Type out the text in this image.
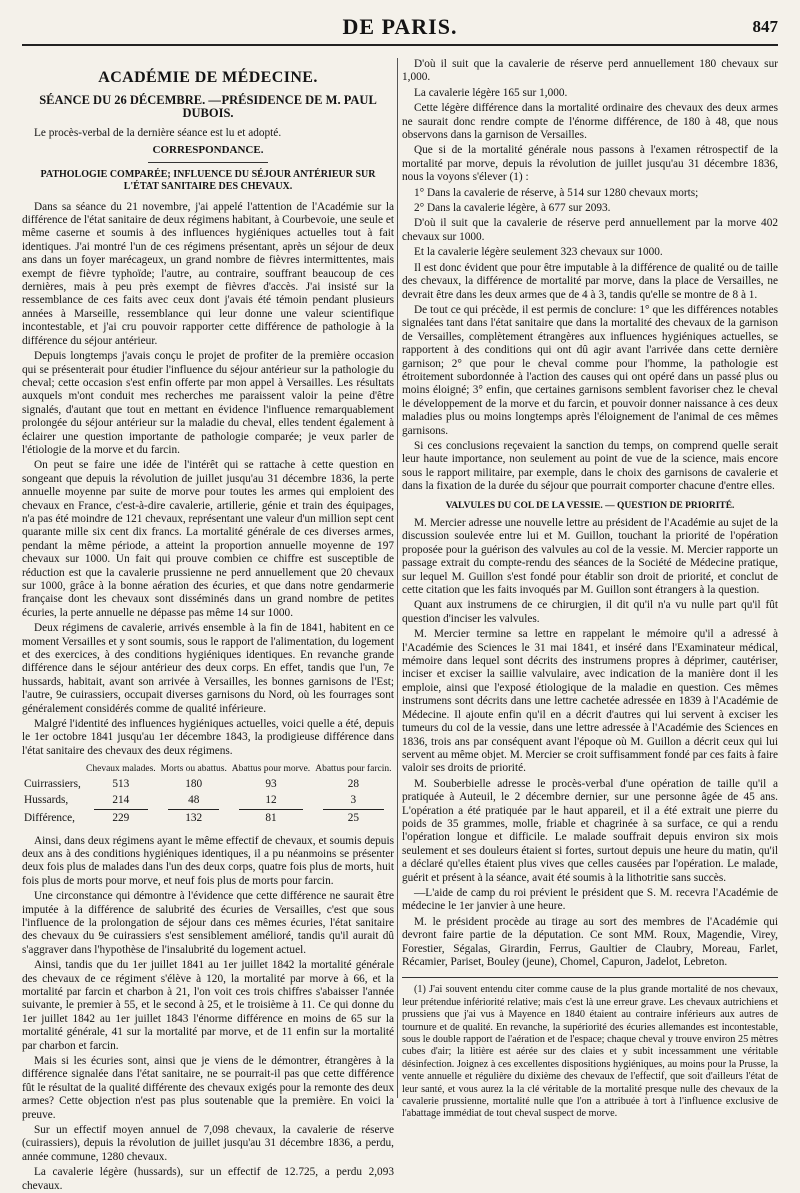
DE PARIS.	847
ACADÉMIE DE MÉDECINE.
SÉANCE DU 26 DÉCEMBRE. — PRÉSIDENCE DE M. PAUL DUBOIS.

Le procès-verbal de la dernière séance est lu et adopté.

CORRESPONDANCE.
PATHOLOGIE COMPARÉE; INFLUENCE DU SÉJOUR ANTÉRIEUR SUR L'ÉTAT SANITAIRE DES CHEVAUX.

Dans sa séance du 21 novembre, j'ai appelé l'attention de l'Académie sur la différence de l'état sanitaire de deux régimens habitant, à Courbevoie, une seule et même caserne et soumis à des influences hygiéniques actuelles tout à fait identiques. J'ai montré l'un de ces régimens présentant, après un séjour de deux ans dans un foyer marécageux, un grand nombre de fièvres intermittentes, mais exempt de fièvre typhoïde; l'autre, au contraire, souffrant beaucoup de ces dernières, mais à peu près exempt de fièvres d'accès. J'ai insisté sur la ressemblance de ces faits avec ceux dont j'avais été témoin pendant plusieurs années à Marseille, ressemblance qui leur donne une valeur scientifique incontestable, et j'ai cru pouvoir rapporter cette différence de pathologie à la différence du séjour antérieur.

Depuis longtemps j'avais conçu le projet de profiter de la première occasion qui se présenterait pour étudier l'influence du séjour antérieur sur la pathologie du cheval; cette occasion s'est enfin offerte par mon appel à Versailles. Les résultats auxquels m'ont conduit mes recherches me paraissent valoir la peine d'être signalés, d'autant que tout en mettant en évidence l'influence remarquablement prolongée du séjour antérieur sur la maladie du cheval, elles tendent également à éclairer une question importante de pathologie comparée; je veux parler de l'étiologie de la morve et du farcin.

On peut se faire une idée de l'intérêt qui se rattache à cette question en songeant que depuis la révolution de juillet jusqu'au 31 décembre 1836, la perte annuelle moyenne par suite de morve pour toutes les armes qui emploient des chevaux en France, c'est-à-dire cavalerie, artillerie, génie et train des équipages, n'a pas été moindre de 121 chevaux, représentant une valeur d'un million sept cent quarante mille six cent dix francs. La mortalité générale de ces diverses armes, pendant la même période, a atteint la proportion annuelle moyenne de 197 chevaux sur 1000. Un fait qui prouve combien ce chiffre est susceptible de réduction est que la cavalerie prussienne ne perd annuellement que 20 chevaux sur 1000, grâce à la bonne aération des écuries, et que dans notre gendarmerie française dont les chevaux sont disséminés dans un grand nombre de petites écuries, la perte annuelle ne dépasse pas même 14 sur 1000.

Deux régimens de cavalerie, arrivés ensemble à la fin de 1841, habitent en ce moment Versailles et y sont soumis, sous le rapport de l'alimentation, du logement et des exercices, à des conditions hygiéniques identiques. En revanche grande différence dans le séjour antérieur des deux corps. En effet, tandis que l'un, 7e hussards, habitait, avant son arrivée à Versailles, les bonnes garnisons de l'Est; l'autre, 9e cuirassiers, occupait diverses garnisons du Nord, où les fourrages sont généralement considérés comme de qualité inférieure.

Malgré l'identité des influences hygiéniques actuelles, voici quelle a été, depuis le 1er octobre 1841 jusqu'au 1er décembre 1843, la prodigieuse différence dans l'état sanitaire des chevaux des deux régimens.

	Chevaux malades.	Morts ou abattus.	Abattus pour morve.	Abattus pour farcin.
Cuirrassiers,	513	180	93	28
Hussards,	214	48	12	3

Différence,	229	132	81	25

Ainsi, dans deux régimens ayant le même effectif de chevaux, et soumis depuis deux ans à des conditions hygiéniques identiques, il a pu néanmoins se présenter deux fois plus de malades dans l'un des deux corps, quatre fois plus de morts, huit fois plus de morts pour morve, et neuf fois plus de morts pour farcin.

Une circonstance qui démontre à l'évidence que cette différence ne saurait être imputée à la différence de salubrité des écuries de Versailles, c'est que sous l'influence de la prolongation de séjour dans ces mêmes écuries, l'état sanitaire des chevaux du 9e cuirassiers s'est sensiblement amélioré, tandis qu'il aurait dû s'aggraver dans l'hypothèse de l'insalubrité du logement actuel.

Ainsi, tandis que du 1er juillet 1841 au 1er juillet 1842 la mortalité générale des chevaux de ce régiment s'élève à 120, la mortalité par morve à 66, et la mortalité par farcin et charbon à 21, l'on voit ces trois chiffres s'abaisser l'année suivante, le premier à 55, et le second à 25, et le troisième à 11. Ce qui donne du 1er juillet 1842 au 1er juillet 1843 l'énorme différence en moins de 65 sur la mortalité générale, 41 sur la mortalité par morve, et de 11 enfin sur la mortalité par charbon et farcin.

Mais si les écuries sont, ainsi que je viens de le démontrer, étrangères à la différence signalée dans l'état sanitaire, ne se pourrait-il pas que cette différence fût le résultat de la qualité différente des chevaux exigés pour la remonte des deux armes? Cette objection n'est pas plus soutenable que la première. En voici la preuve.

Sur un effectif moyen annuel de 7,098 chevaux, la cavalerie de réserve (cuirassiers), depuis la révolution de juillet jusqu'au 31 décembre 1836, a perdu, année commune, 1280 chevaux.

La cavalerie légère (hussards), sur un effectif de 12.725, a perdu 2,093 chevaux.

D'où il suit que la cavalerie de réserve perd annuellement 180 chevaux sur 1,000.

La cavalerie légère 165 sur 1,000.

Cette légère différence dans la mortalité ordinaire des chevaux des deux armes ne saurait donc rendre compte de l'énorme différence, de 180 à 48, que nous observons dans la garnison de Versailles.

Que si de la mortalité générale nous passons à l'examen rétrospectif de la mortalité par morve, depuis la révolution de juillet jusqu'au 31 décembre 1836, nous la voyons s'élever (1) :

1° Dans la cavalerie de réserve, à 514 sur 1280 chevaux morts;

2° Dans la cavalerie légère, à 677 sur 2093.

D'où il suit que la cavalerie de réserve perd annuellement par la morve 402 chevaux sur 1000.

Et la cavalerie légère seulement 323 chevaux sur 1000.

Il est donc évident que pour être imputable à la différence de qualité ou de taille des chevaux, la différence de mortalité par morve, dans la place de Versailles, ne devrait être dans les deux armes que de 4 à 3, tandis qu'elle se montre de 8 à 1.

De tout ce qui précède, il est permis de conclure: 1° que les différences notables signalées tant dans l'état sanitaire que dans la mortalité des chevaux de la garnison de Versailles, complètement étrangères aux influences hygiéniques actuelles, se rapportent à des conditions qui ont dû agir avant l'arrivée dans cette dernière garnison; 2° que pour le cheval comme pour l'homme, la pathologie est étroitement subordonnée à l'action des causes qui ont opéré dans un passé plus ou moins éloigné; 3° enfin, que certaines garnisons semblent favoriser chez le cheval le développement de la morve et du farcin, et pouvoir donner naissance à ces deux maladies plus ou moins longtemps après l'éloignement de l'animal de ces mêmes garnisons.

Si ces conclusions reçevaient la sanction du temps, on comprend quelle serait leur haute importance, non seulement au point de vue de la science, mais encore sous le rapport militaire, par exemple, dans le choix des garnisons de cavalerie et dans la fixation de la durée du séjour que pourrait comporter chacune d'entre elles.

VALVULES DU COL DE LA VESSIE. — QUESTION DE PRIORITÉ.

M. Mercier adresse une nouvelle lettre au président de l'Académie au sujet de la discussion soulevée entre lui et M. Guillon, touchant la priorité de l'opération proposée pour la guérison des valvules au col de la vessie. M. Mercier rapporte un passage extrait du compte-rendu des séances de la Société de Médecine pratique, sur lequel M. Guillon s'est fondé pour établir son droit de priorité, et conclut de cette citation que les faits invoqués par M. Guillon sont étrangers à la question.

Quant aux instrumens de ce chirurgien, il dit qu'il n'a vu nulle part qu'il fût question d'inciser les valvules.

M. Mercier termine sa lettre en rappelant le mémoire qu'il a adressé à l'Académie des Sciences le 31 mai 1841, et inséré dans l'Examinateur médical, mémoire dans lequel sont décrits des instrumens propres à déprimer, cautériser, inciser et exciser la saillie valvulaire, avec indication de la manière dont il les emploie, ainsi que l'exposé étiologique de la maladie en question. Ces mêmes instrumens sont décrits dans une lettre cachetée adressée en 1839 à l'Académie de Médecine. Il ajoute enfin qu'il en a décrit d'autres qui lui servent à exciser les tumeurs du col de la vessie, dans une lettre adressée à l'Académie des Sciences en 1836, trois ans par conséquent avant l'époque où M. Guillon a décrit ceux qui lui servent au même objet. M. Mercier se croit suffisamment fondé par ces faits à faire valoir ses droits de priorité.

M. Souberbielle adresse le procès-verbal d'une opération de taille qu'il a pratiquée à Auteuil, le 2 décembre dernier, sur une personne âgée de 45 ans. L'opération a été pratiquée par le haut appareil, et il a été extrait une pierre du poids de 35 grammes, molle, friable et chagrinée à sa surface, ce qui a rendu l'opération longue et difficile. Le malade souffrait depuis environ six mois seulement et ses douleurs étaient si fortes, surtout depuis une heure du matin, qu'il a déclaré qu'elles étaient plus vives que celles causées par l'opération. Le malade, guérit et présent à la séance, avait été soumis à la lithotritie sans succès.

—L'aide de camp du roi prévient le président que S. M. recevra l'Académie de médecine le 1er janvier à une heure.

M. le président procède au tirage au sort des membres de l'Académie qui devront faire partie de la députation. Ce sont MM. Roux, Magendie, Virey, Forestier, Ségalas, Girardin, Ferrus, Gaultier de Claubry, Moreau, Farlet, Récamier, Pariset, Bouley (jeune), Chomel, Capuron, Jadelot, Lebreton.

(1) J'ai souvent entendu citer comme cause de la plus grande mortalité de nos chevaux, leur prétendue infériorité relative; mais c'est là une erreur grave. Les chevaux autrichiens et prussiens que j'ai vus à Mayence en 1840 étaient au contraire inférieurs aux autres de tournure et de qualité. En revanche, la supériorité des écuries allemandes est incontestable, sous le double rapport de l'aération et de l'espace; chaque cheval y trouve environ 25 mètres cubes d'air; la litière est aérée sur des claies et y subit incessamment une véritable désinfection. Joignez à ces excellentes dispositions hygiéniques, au moins pour la Prusse, la vente annuelle et régulière du dixième des chevaux de l'effectif, que soit d'ailleurs l'état de leur santé, et vous aurez la la clé véritable de la mortalité presque nulle des chevaux de la cavalerie prussienne, mortalité nulle que l'on a attribuée à tort à l'influence exclusive de l'abattage immédiat de tout cheval suspect de morve.
